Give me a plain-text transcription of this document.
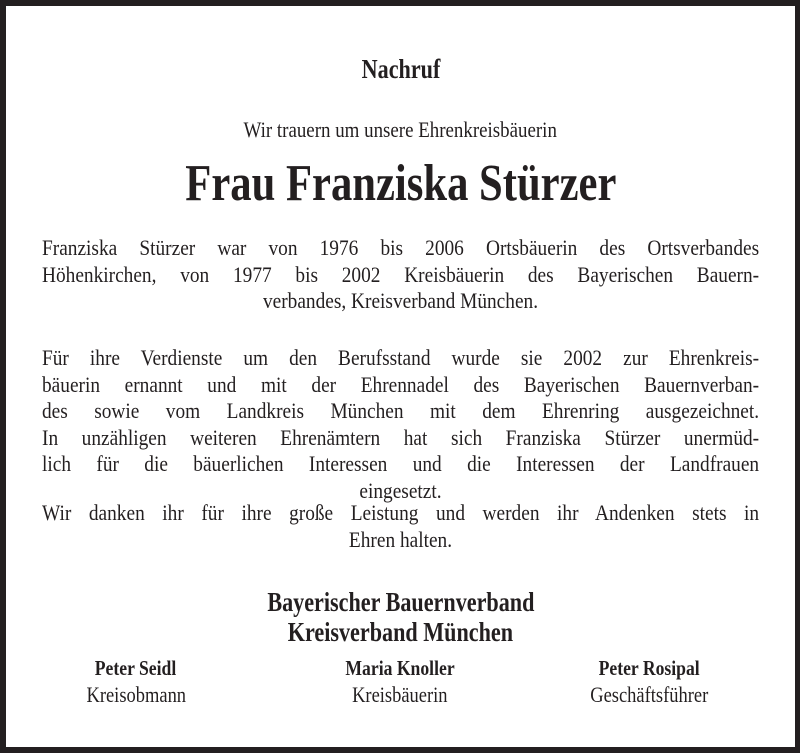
Nachruf
Wir trauern um unsere Ehrenkreisbäuerin
Frau Franziska Stürzer
Franziska Stürzer war von 1976 bis 2006 Ortsbäuerin des Ortsverbandes
Höhenkirchen, von 1977 bis 2002 Kreisbäuerin des Bayerischen Bauern-
verbandes, Kreisverband München.
Für ihre Verdienste um den Berufsstand wurde sie 2002 zur Ehrenkreis-
bäuerin ernannt und mit der Ehrennadel des Bayerischen Bauernverban-
des sowie vom Landkreis München mit dem Ehrenring ausgezeichnet.
In unzähligen weiteren Ehrenämtern hat sich Franziska Stürzer unermüd-
lich für die bäuerlichen Interessen und die Interessen der Landfrauen
eingesetzt.
Wir danken ihr für ihre große Leistung und werden ihr Andenken stets in
Ehren halten.
Bayerischer Bauernverband
Kreisverband München
Peter Seidl
Kreisobmann
Maria Knoller
Kreisbäuerin
Peter Rosipal
Geschäftsführer
